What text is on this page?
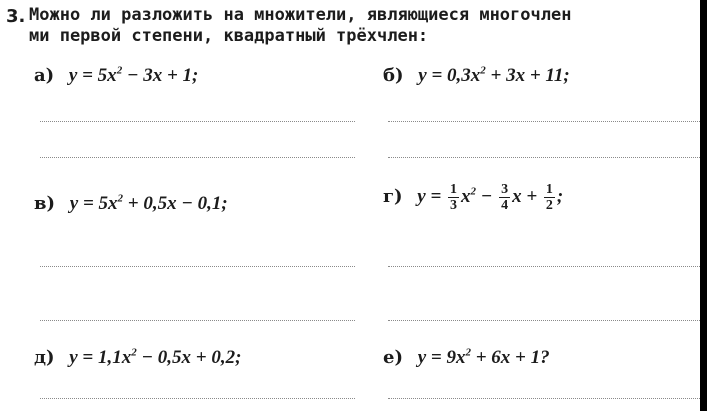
3. Можно ли разложить на множители, являющиеся многочлен
ми первой степени, квадратный трёхчлен:
а) $y = 5x^2 - 3x + 1$;	б) $y = 0,3x^2 + 3x + 11$;
в) $y = 5x^2 + 0,5x - 0,1$;	г) $y = \frac{1}{3} x^2 - \frac{3}{4}$ $x + \frac{1}{2}$ ;
д) $y = 1,1x^2 - 0,5x + 0,2$;	е) $y = 9x^2 + 6x + 1$?
